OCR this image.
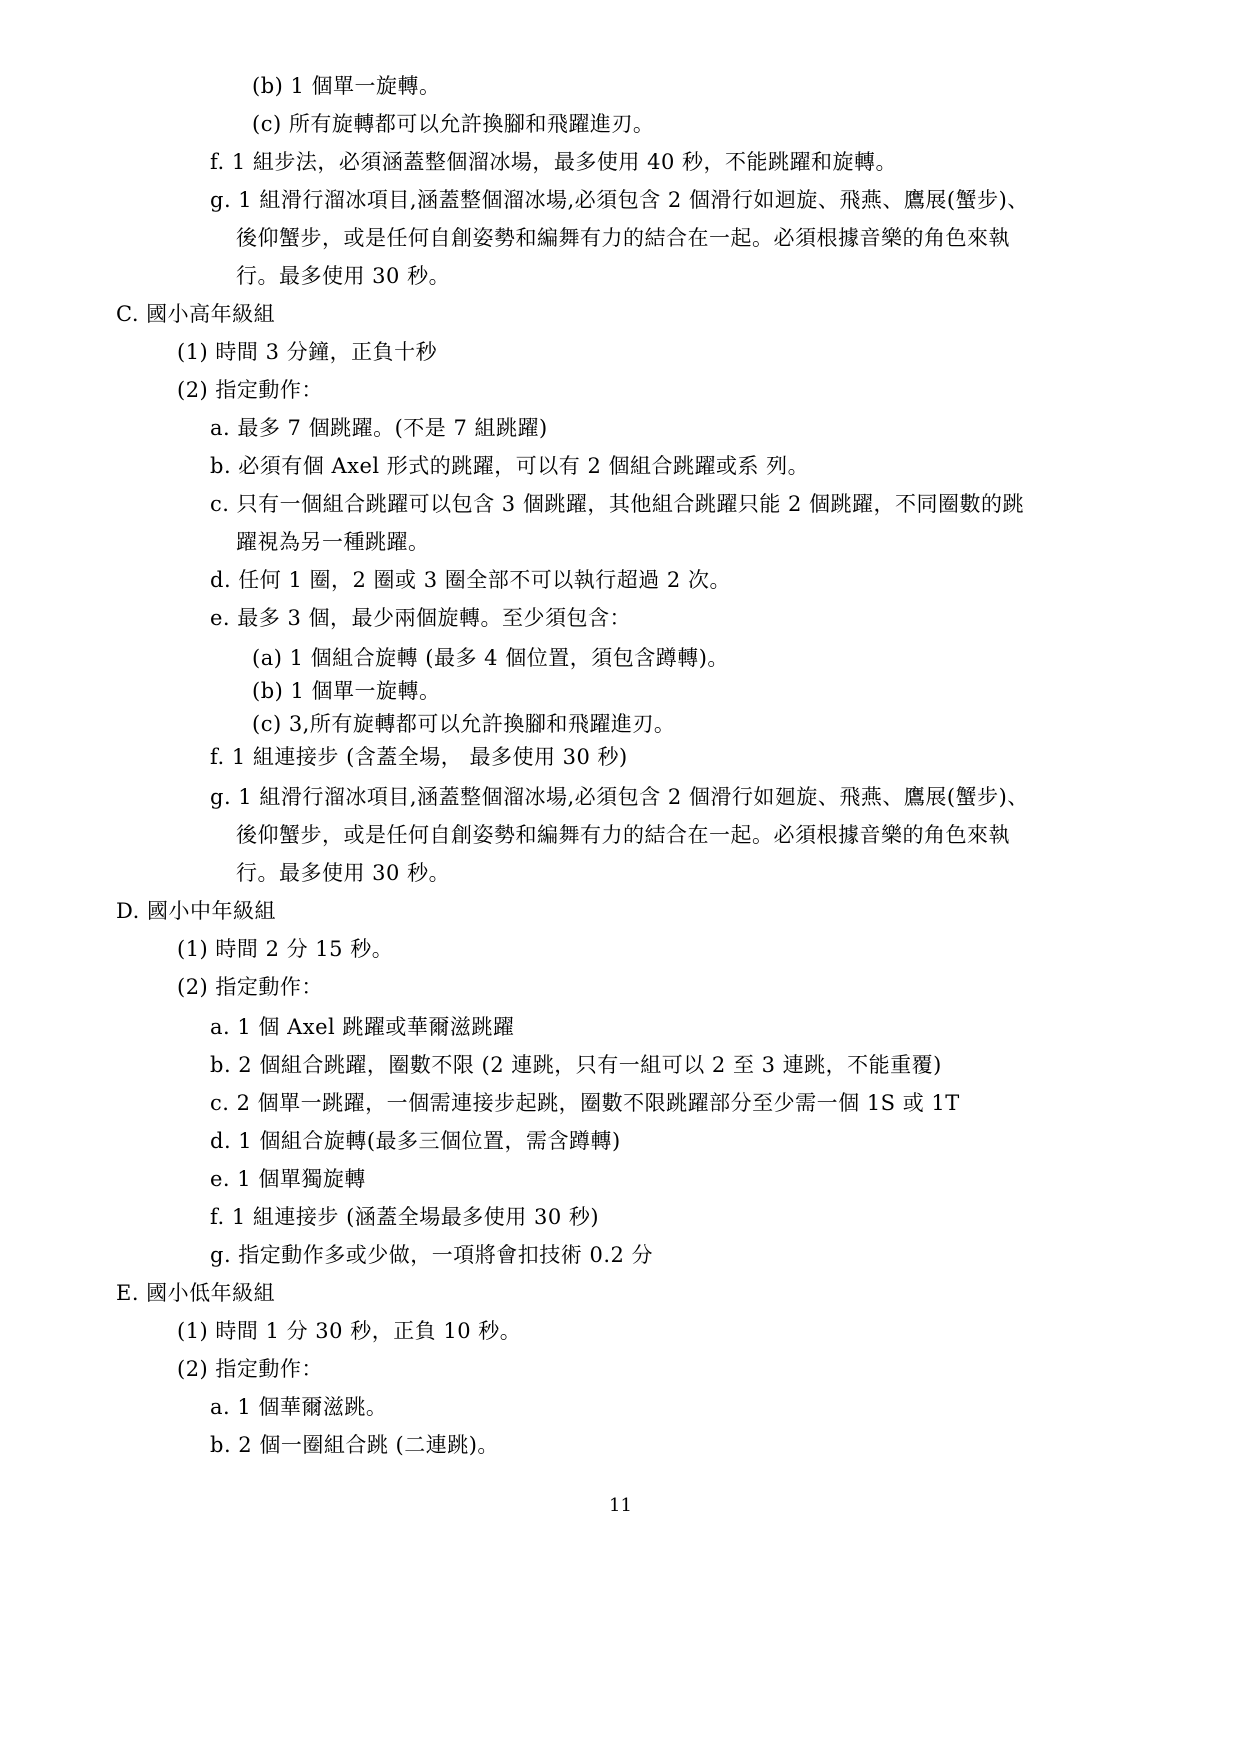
(b) 1 個單一旋轉。
(c) 所有旋轉都可以允許換腳和飛躍進刃。
f. 1 組步法，必須涵蓋整個溜冰場，最多使用 40 秒，不能跳躍和旋轉。
g. 1 組滑行溜冰項目,涵蓋整個溜冰場,必須包含 2 個滑行如迴旋、飛燕、鷹展(蟹步)、
後仰蟹步，或是任何自創姿勢和編舞有力的結合在一起。必須根據音樂的角色來執
行。最多使用 30 秒。
C. 國小高年級組
(1) 時間 3 分鐘，正負十秒
(2) 指定動作：
a. 最多 7 個跳躍。(不是 7 組跳躍)
b. 必須有個 Axel 形式的跳躍，可以有 2 個組合跳躍或系 列。
c. 只有一個組合跳躍可以包含 3 個跳躍，其他組合跳躍只能 2 個跳躍，不同圈數的跳
躍視為另一種跳躍。
d. 任何 1 圈，2 圈或 3 圈全部不可以執行超過 2 次。
e. 最多 3 個，最少兩個旋轉。至少須包含：
(a) 1 個組合旋轉 (最多 4 個位置，須包含蹲轉)。
(b) 1 個單一旋轉。
(c) 3,所有旋轉都可以允許換腳和飛躍進刃。
f. 1 組連接步 (含蓋全場， 最多使用 30 秒)
g. 1 組滑行溜冰項目,涵蓋整個溜冰場,必須包含 2 個滑行如廻旋、飛燕、鷹展(蟹步)、
後仰蟹步，或是任何自創姿勢和編舞有力的結合在一起。必須根據音樂的角色來執
行。最多使用 30 秒。
D. 國小中年級組
(1) 時間 2 分 15 秒。
(2) 指定動作：
a. 1 個 Axel 跳躍或華爾滋跳躍
b. 2 個組合跳躍，圈數不限 (2 連跳，只有一組可以 2 至 3 連跳，不能重覆)
c. 2 個單一跳躍，一個需連接步起跳，圈數不限跳躍部分至少需一個 1S 或 1T
d. 1 個組合旋轉(最多三個位置，需含蹲轉)
e. 1 個單獨旋轉
f. 1 組連接步 (涵蓋全場最多使用 30 秒)
g. 指定動作多或少做，一項將會扣技術 0.2 分
E. 國小低年級組
(1) 時間 1 分 30 秒，正負 10 秒。
(2) 指定動作：
a. 1 個華爾滋跳。
b. 2 個一圈組合跳 (二連跳)。
11
